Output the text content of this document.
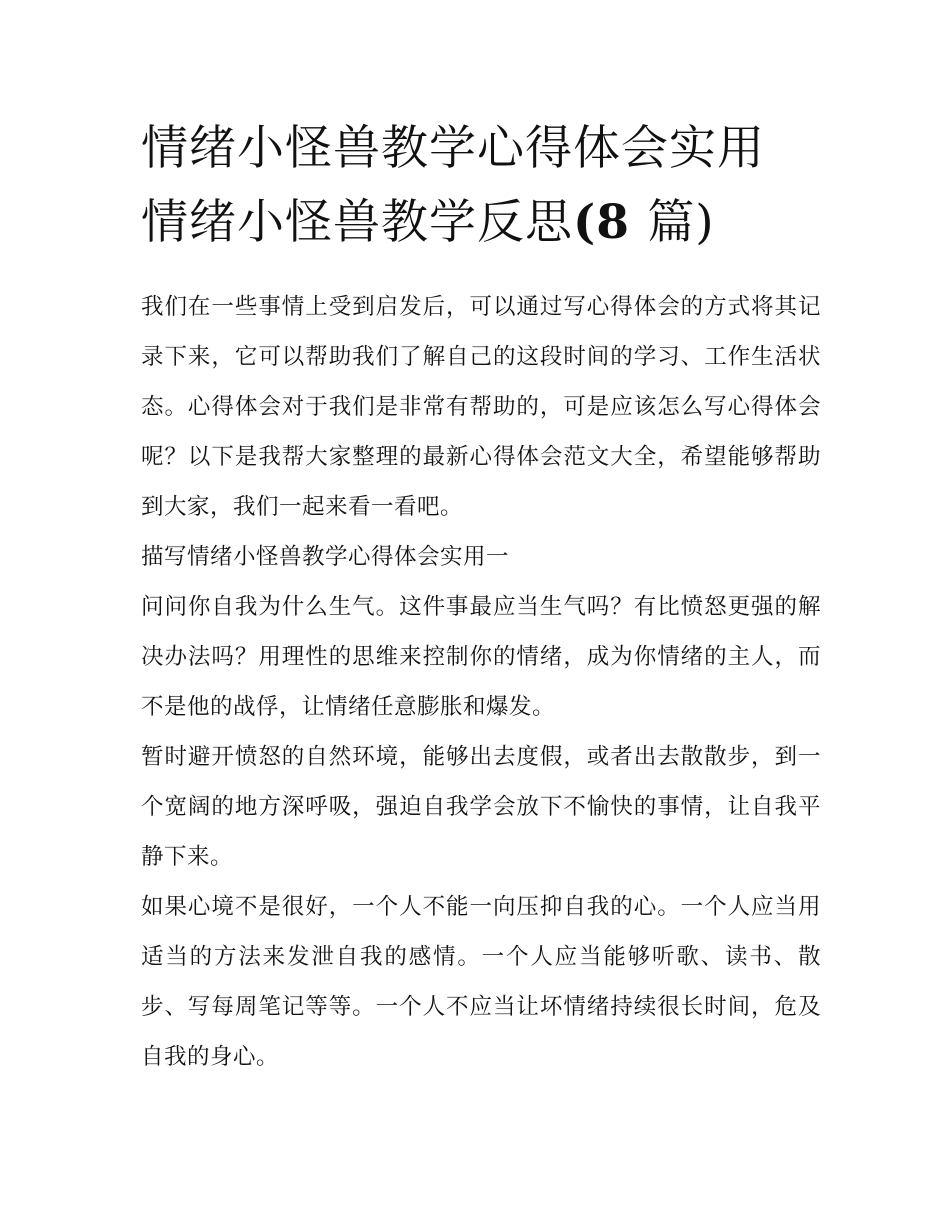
情绪小怪兽教学心得体会实用
情绪小怪兽教学反思(8 篇)

我们在一些事情上受到启发后，可以通过写心得体会的方式将其记录下来，它可以帮助我们了解自己的这段时间的学习、工作生活状态。心得体会对于我们是非常有帮助的，可是应该怎么写心得体会呢？以下是我帮大家整理的最新心得体会范文大全，希望能够帮助到大家，我们一起来看一看吧。

描写情绪小怪兽教学心得体会实用一

问问你自我为什么生气。这件事最应当生气吗？有比愤怒更强的解决办法吗？用理性的思维来控制你的情绪，成为你情绪的主人，而不是他的战俘，让情绪任意膨胀和爆发。

暂时避开愤怒的自然环境，能够出去度假，或者出去散散步，到一个宽阔的地方深呼吸，强迫自我学会放下不愉快的事情，让自我平静下来。

如果心境不是很好，一个人不能一向压抑自我的心。一个人应当用适当的方法来发泄自我的感情。一个人应当能够听歌、读书、散步、写每周笔记等等。一个人不应当让坏情绪持续很长时间，危及自我的身心。
